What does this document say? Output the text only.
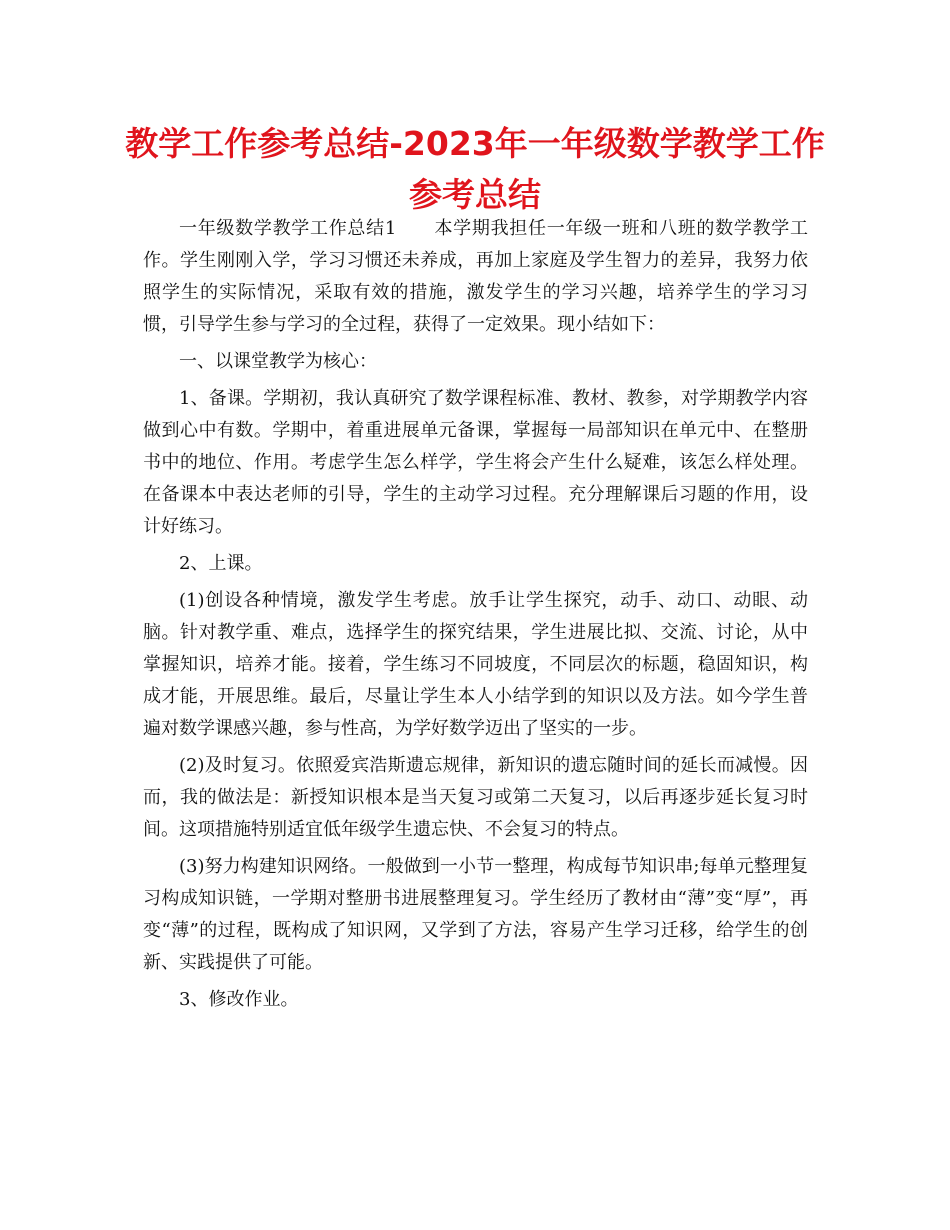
教学工作参考总结-2023年一年级数学教学工作参考总结

一年级数学教学工作总结1　　本学期我担任一年级一班和八班的数学教学工作。学生刚刚入学，学习习惯还未养成，再加上家庭及学生智力的差异，我努力依照学生的实际情况，采取有效的措施，激发学生的学习兴趣，培养学生的学习习惯，引导学生参与学习的全过程，获得了一定效果。现小结如下：

一、以课堂教学为核心：

1、备课。学期初，我认真研究了数学课程标准、教材、教参，对学期教学内容做到心中有数。学期中，着重进展单元备课，掌握每一局部知识在单元中、在整册书中的地位、作用。考虑学生怎么样学，学生将会产生什么疑难，该怎么样处理。在备课本中表达老师的引导，学生的主动学习过程。充分理解课后习题的作用，设计好练习。

2、上课。

(1)创设各种情境，激发学生考虑。放手让学生探究，动手、动口、动眼、动脑。针对教学重、难点，选择学生的探究结果，学生进展比拟、交流、讨论，从中掌握知识，培养才能。接着，学生练习不同坡度，不同层次的标题，稳固知识，构成才能，开展思维。最后，尽量让学生本人小结学到的知识以及方法。如今学生普遍对数学课感兴趣，参与性高，为学好数学迈出了坚实的一步。

(2)及时复习。依照爱宾浩斯遗忘规律，新知识的遗忘随时间的延长而减慢。因而，我的做法是：新授知识根本是当天复习或第二天复习，以后再逐步延长复习时间。这项措施特别适宜低年级学生遗忘快、不会复习的特点。

(3)努力构建知识网络。一般做到一小节一整理，构成每节知识串;每单元整理复习构成知识链，一学期对整册书进展整理复习。学生经历了教材由“薄”变“厚”，再变“薄”的过程，既构成了知识网，又学到了方法，容易产生学习迁移，给学生的创新、实践提供了可能。

3、修改作业。
